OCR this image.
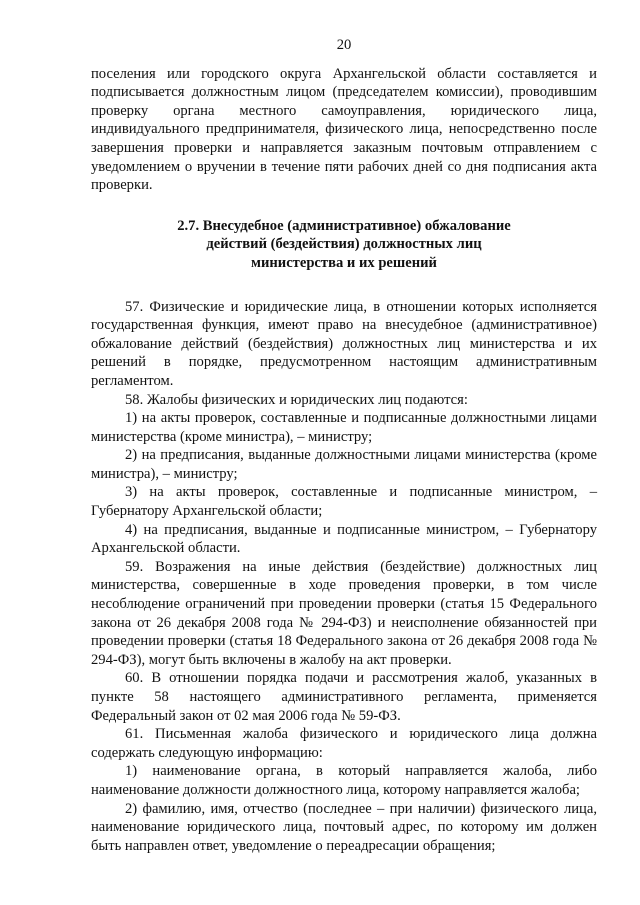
20

поселения или городского округа Архангельской области составляется и подписывается должностным лицом (председателем комиссии), проводившим проверку органа местного самоуправления, юридического лица, индивидуального предпринимателя, физического лица, непосредственно после завершения проверки и направляется заказным почтовым отправлением с уведомлением о вручении в течение пяти рабочих дней со дня подписания акта проверки.

2.7. Внесудебное (административное) обжалование
действий (бездействия) должностных лиц
министерства и их решений

57. Физические и юридические лица, в отношении которых исполняется государственная функция, имеют право на внесудебное (административное) обжалование действий (бездействия) должностных лиц министерства и их решений в порядке, предусмотренном настоящим административным регламентом.

58. Жалобы физических и юридических лиц подаются:

1) на акты проверок, составленные и подписанные должностными лицами министерства (кроме министра), – министру;

2) на предписания, выданные должностными лицами министерства (кроме министра), – министру;

3) на акты проверок, составленные и подписанные министром, – Губернатору Архангельской области;

4) на предписания, выданные и подписанные министром, – Губернатору Архангельской области.

59. Возражения на иные действия (бездействие) должностных лиц министерства, совершенные в ходе проведения проверки, в том числе несоблюдение ограничений при проведении проверки (статья 15 Федерального закона от 26 декабря 2008 года № 294-ФЗ) и неисполнение обязанностей при проведении проверки (статья 18 Федерального закона от 26 декабря 2008 года № 294-ФЗ), могут быть включены в жалобу на акт проверки.

60. В отношении порядка подачи и рассмотрения жалоб, указанных в пункте 58 настоящего административного регламента, применяется Федеральный закон от 02 мая 2006 года № 59-ФЗ.

61. Письменная жалоба физического и юридического лица должна содержать следующую информацию:

1) наименование органа, в который направляется жалоба, либо наименование должности должностного лица, которому направляется жалоба;

2) фамилию, имя, отчество (последнее – при наличии) физического лица, наименование юридического лица, почтовый адрес, по которому им должен быть направлен ответ, уведомление о переадресации обращения;
